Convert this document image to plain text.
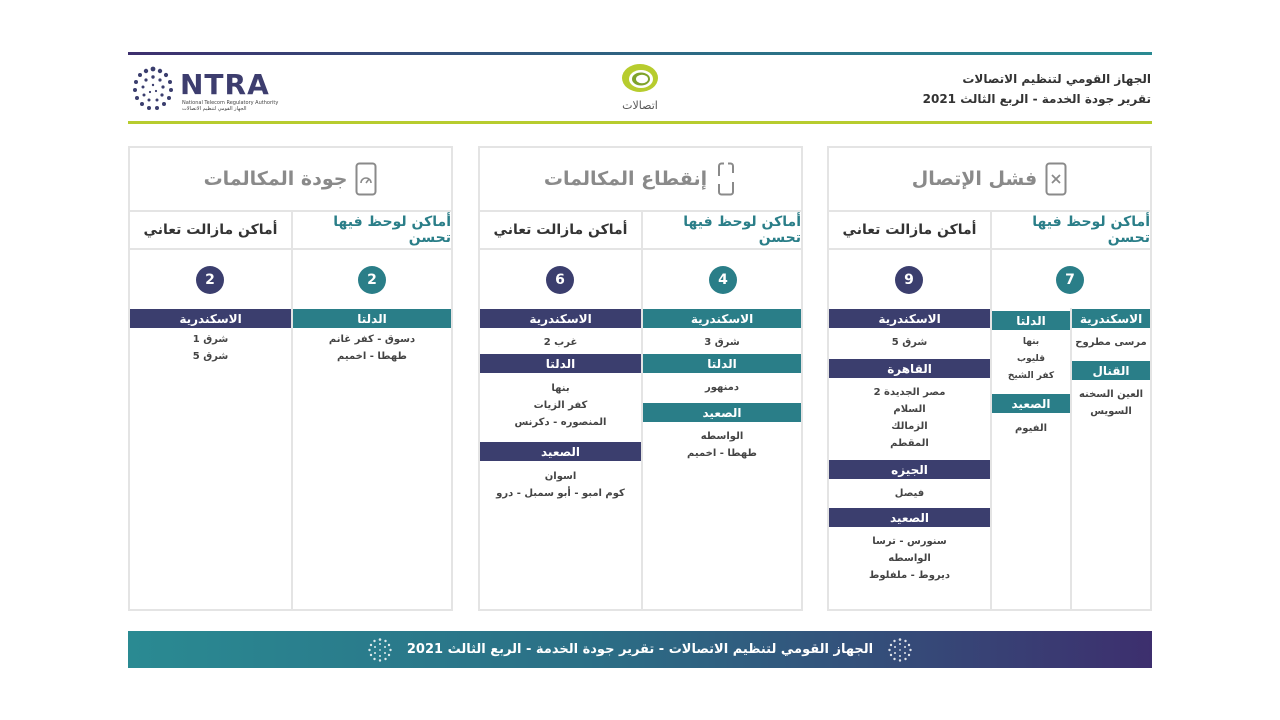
NTRA
National Telecom Regulatory Authority
الجهاز القومي لتنظيم الاتصالات	اتصالات
الجهاز القومي لتنظيم الاتصالات
تقرير جودة الخدمة - الربع الثالث 2021
فشل الإتصال
أماكن لوحظ فيها تحسن
أماكن مازالت تعاني
7
الاسكندرية
مرسى مطروح
القنال
العين السخنه
السويس
الدلتا
بنها
قليوب
كفر الشيخ
الصعيد
الفيوم
9
الاسكندرية
شرق 5
القاهرة
مصر الجديدة 2
السلام
الزمالك
المقطم
الجيزه
فيصل
الصعيد
سنورس - ترسا
الواسطه
ديروط - ملفلوط
إنقطاع المكالمات
أماكن لوحظ فيها تحسن
أماكن مازالت تعاني
4
الاسكندرية
شرق 3
الدلتا
دمنهور
الصعيد
الواسطه
طهطا - اخميم
6
الاسكندرية
غرب 2
الدلتا
بنها
كفر الزيات
المنصوره - دكرنس
الصعيد
اسوان
كوم امبو - أبو سمبل - درو
جودة المكالمات
أماكن لوحظ فيها تحسن
أماكن مازالت تعاني
2
الدلتا
دسوق - كفر غانم
طهطا - اخميم
2
الاسكندرية
شرق 1
شرق 5
الجهاز القومي لتنظيم الاتصالات - تقرير جودة الخدمة - الربع الثالث 2021
